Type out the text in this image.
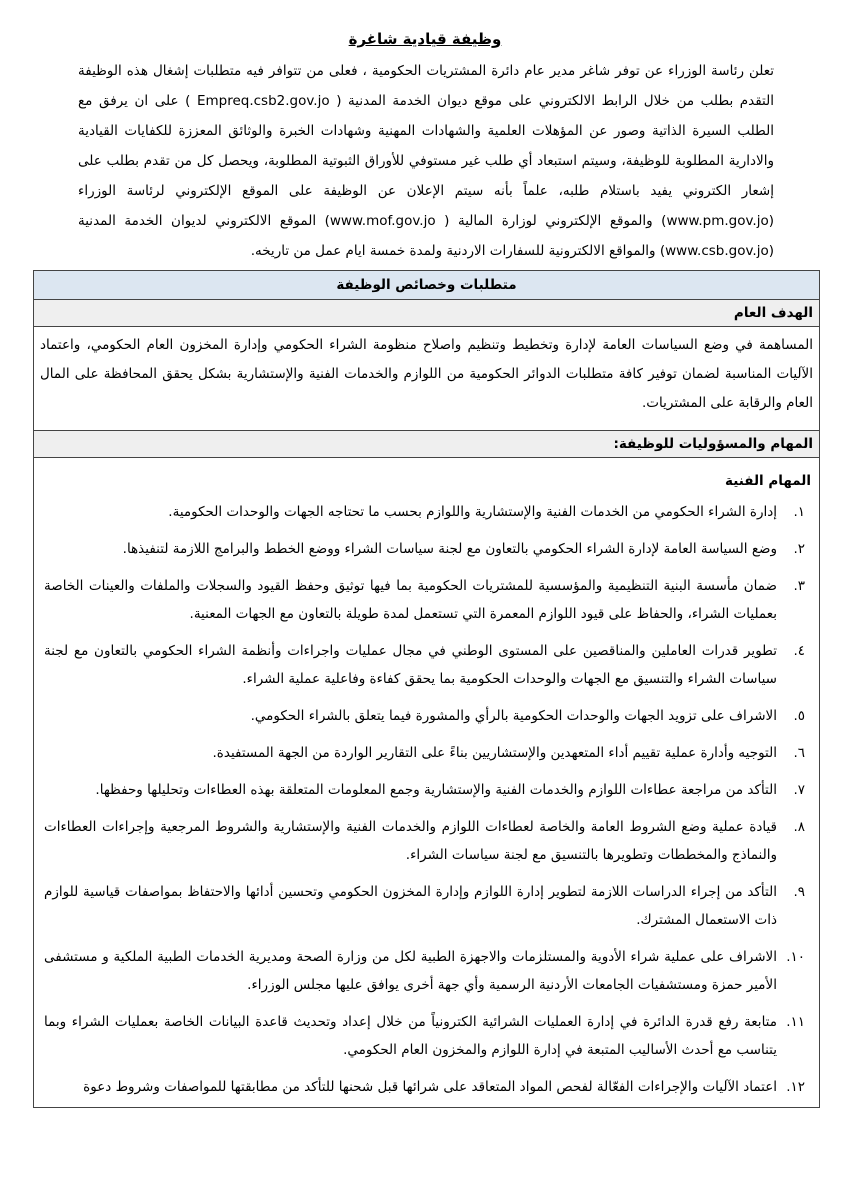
وظيفة قيادية شاغرة

تعلن رئاسة الوزراء عن توفر شاغر مدير عام دائرة المشتريات الحكومية ، فعلى من تتوافر فيه متطلبات إشغال هذه الوظيفة التقدم بطلب من خلال الرابط الالكتروني على موقع ديوان الخدمة المدنية ( Empreq.csb2.gov.jo ) على ان يرفق مع الطلب السيرة الذاتية وصور عن المؤهلات العلمية والشهادات المهنية وشهادات الخبرة والوثائق المعززة للكفايات القيادية والادارية المطلوبة للوظيفة، وسيتم استبعاد أي طلب غير مستوفي للأوراق الثبوتية المطلوبة، ويحصل كل من تقدم بطلب على إشعار الكتروني يفيد باستلام طلبه، علماً بأنه سيتم الإعلان عن الوظيفة على الموقع الإلكتروني لرئاسة الوزراء (www.pm.gov.jo) والموقع الإلكتروني لوزارة المالية ( www.mof.gov.jo) الموقع الالكتروني لديوان الخدمة المدنية (www.csb.gov.jo) والمواقع الالكترونية للسفارات الاردنية ولمدة خمسة ايام عمل من تاريخه.

متطلبات وخصائص الوظيفة
الهدف العام
المساهمة في وضع السياسات العامة لإدارة وتخطيط وتنظيم واصلاح منظومة الشراء الحكومي وإدارة المخزون العام الحكومي، واعتماد الآليات المناسبة لضمان توفير كافة متطلبات الدوائر الحكومية من اللوازم والخدمات الفنية والإستشارية بشكل يحقق المحافظة على المال العام والرقابة على المشتريات.
المهام والمسؤوليات للوظيفة:
المهام الفنية
١.
إدارة الشراء الحكومي من الخدمات الفنية والإستشارية واللوازم بحسب ما تحتاجه الجهات والوحدات الحكومية.
٢.
وضع السياسة العامة لإدارة الشراء الحكومي بالتعاون مع لجنة سياسات الشراء ووضع الخطط والبرامج اللازمة لتنفيذها.
٣.
ضمان مأسسة البنية التنظيمية والمؤسسية للمشتريات الحكومية بما فيها توثيق وحفظ القيود والسجلات والملفات والعينات الخاصة بعمليات الشراء، والحفاظ على قيود اللوازم المعمرة التي تستعمل لمدة طويلة بالتعاون مع الجهات المعنية.
٤.
تطوير قدرات العاملين والمناقصين على المستوى الوطني في مجال عمليات واجراءات وأنظمة الشراء الحكومي بالتعاون مع لجنة سياسات الشراء والتنسيق مع الجهات والوحدات الحكومية بما يحقق كفاءة وفاعلية عملية الشراء.
٥.
الاشراف على تزويد الجهات والوحدات الحكومية بالرأي والمشورة فيما يتعلق بالشراء الحكومي.
٦.
التوجيه وأدارة عملية تقييم أداء المتعهدين والإستشاريين بناءً على التقارير الواردة من الجهة المستفيدة.
٧.
التأكد من مراجعة عطاءات اللوازم والخدمات الفنية والإستشارية وجمع المعلومات المتعلقة بهذه العطاءات وتحليلها وحفظها.
٨.
قيادة عملية وضع الشروط العامة والخاصة لعطاءات اللوازم والخدمات الفنية والإستشارية والشروط المرجعية وإجراءات العطاءات والنماذج والمخططات وتطويرها بالتنسيق مع لجنة سياسات الشراء.
٩.
التأكد من إجراء الدراسات اللازمة لتطوير إدارة اللوازم وإدارة المخزون الحكومي وتحسين أدائها والاحتفاظ بمواصفات قياسية للوازم ذات الاستعمال المشترك.
١٠.
الاشراف على عملية شراء الأدوية والمستلزمات والاجهزة الطبية لكل من وزارة الصحة ومديرية الخدمات الطبية الملكية و مستشفى الأمير حمزة ومستشفيات الجامعات الأردنية الرسمية وأي جهة أخرى يوافق عليها مجلس الوزراء.
١١.
متابعة رفع قدرة الدائرة في إدارة العمليات الشرائية الكترونياً من خلال إعداد وتحديث قاعدة البيانات الخاصة بعمليات الشراء وبما يتناسب مع أحدث الأساليب المتبعة في إدارة اللوازم والمخزون العام الحكومي.
١٢.
اعتماد الآليات والإجراءات الفعّالة لفحص المواد المتعاقد على شرائها قبل شحنها للتأكد من مطابقتها للمواصفات وشروط دعوة
